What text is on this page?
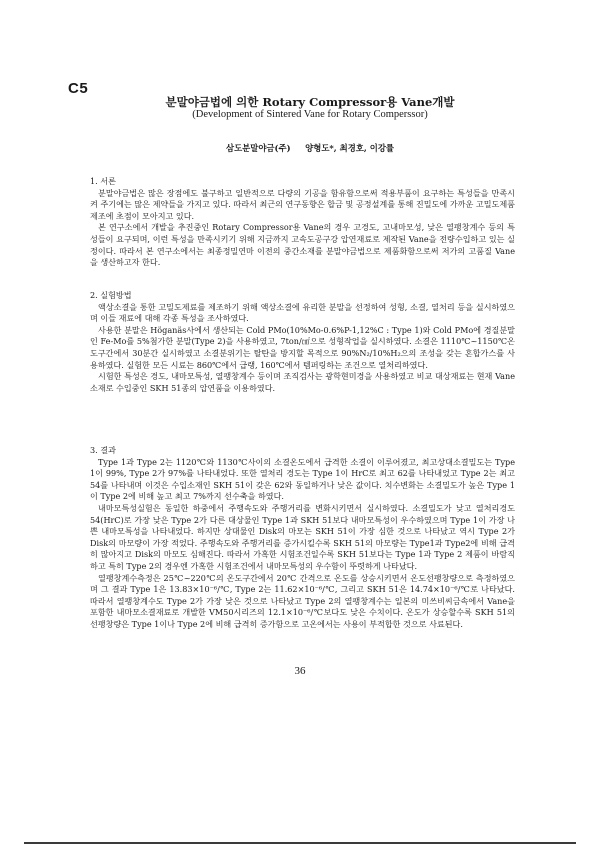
C5
분말야금법에 의한 Rotary Compressor용 Vane개발
(Development of Sintered Vane for Rotary Comperssor)
삼도분말야금(주) 양형도*, 최경호, 이강률

1. 서론

분말야금법은 많은 장점에도 불구하고 일반적으로 다량의 기공을 함유함으로써 적용부품이 요구하는 특성들을 만족시켜 주기에는 많은 제약들을 가지고 있다. 따라서 최근의 연구동향은 합금 및 공정설계를 통해 진밀도에 가까운 고밀도제품 제조에 초점이 모아지고 있다.

본 연구소에서 개발을 추진중인 Rotary Compressor용 Vane의 경우 고경도, 고내마모성, 낮은 열팽창계수 등의 특성들이 요구되며, 이런 특성을 만족시키기 위해 지금까지 고속도공구강 압연재료로 제작된 Vane을 전량수입하고 있는 실정이다. 따라서 본 연구소에서는 최종정밀연마 이전의 중간소재를 분말야금법으로 제품화함으로써 저가의 고품질 Vane을 생산하고자 한다.

2. 실험방법

액상소결을 통한 고밀도제료를 제조하기 위해 액상소결에 유리한 분말을 선정하여 성형, 소결, 열처리 등을 실시하였으며 이들 재료에 대해 각종 특성을 조사하였다.

사용한 분말은 Höganäs사에서 생산되는 Cold PMo(10%Mo-0.6%P-1,12%C : Type 1)와 Cold PMo에 경질분말인 Fe-Mo를 5%첨가한 분말(Type 2)을 사용하였고, 7ton/㎠으로 성형작업을 실시하였다. 소결은 1110℃~1150℃온도구간에서 30분간 실시하였고 소결분위기는 탈탄을 방지할 목적으로 90%N₂/10%H₂으의 조성을 갖는 혼합가스를 사용하였다. 실험한 모든 시료는 860℃에서 급랭, 160℃에서 템퍼링하는 조건으로 열처리하였다.

시험한 특성은 경도, 내마모특성, 열팽창계수 등이며 조직검사는 광학현미경을 사용하였고 비교 대상재료는 현재 Vane소재로 수입중인 SKH 51종의 압연품을 이용하였다.

3. 결과

Type 1과 Type 2는 1120℃와 1130℃사이의 소결온도에서 급격한 소결이 이루어졌고, 최고상대소결밀도는 Type 1이 99%, Type 2가 97%를 나타내었다. 또한 열처리 경도는 Type 1이 HrC로 최고 62를 나타내었고 Type 2는 최고 54를 나타내며 이것은 수입소재인 SKH 51이 갖은 62와 동일하거나 낮은 값이다. 치수변화는 소결밀도가 높은 Type 1이 Type 2에 비해 높고 최고 7%까지 선수축을 하였다.

내마모특성실험은 동일한 하중에서 주행속도와 주행거리를 변화시키면서 실시하였다. 소결밀도가 낮고 열처리경도 54(HrC)로 가장 낮은 Type 2가 다른 대상물인 Type 1과 SKH 51보다 내마모특성이 우수하였으며 Type 1이 가장 나쁜 내마모특성을 나타내었다. 하지만 상대물인 Disk의 마모는 SKH 51이 가장 심한 것으로 나타났고 역시 Type 2가 Disk의 마모량이 가장 적었다. 주행속도와 주행거리를 증가시킬수록 SKH 51의 마모량는 Type1과 Type2에 비해 급격히 많아지고 Disk의 마모도 심해진다. 따라서 가혹한 시험조건일수록 SKH 51보다는 Type 1과 Type 2 제품이 바람직하고 특히 Type 2의 경우엔 가혹한 시험조건에서 내마모특성의 우수함이 뚜렷하게 나타났다.

열팽창계수측정은 25℃~220℃의 온도구간에서 20℃ 간격으로 온도를 상승시키면서 온도선팽창량으로 측정하였으며 그 결과 Type 1은 13.83×10⁻⁶/℃, Type 2는 11.62×10⁻⁶/℃, 그리고 SKH 51은 14.74×10⁻⁶/℃로 나타났다. 따라서 열팽창계수도 Type 2가 가장 낮은 것으로 나타났고 Type 2의 열팽창계수는 일본의 미쓰비씨금속에서 Vane을 포함한 내마모소결재료로 개발한 VM50시리즈의 12.1×10⁻⁶/℃보다도 낮은 수치이다. 온도가 상승할수록 SKH 51의 선팽창량은 Type 1이나 Type 2에 비해 급격히 증가함으로 고온에서는 사용이 부적합한 것으로 사료된다.

36
